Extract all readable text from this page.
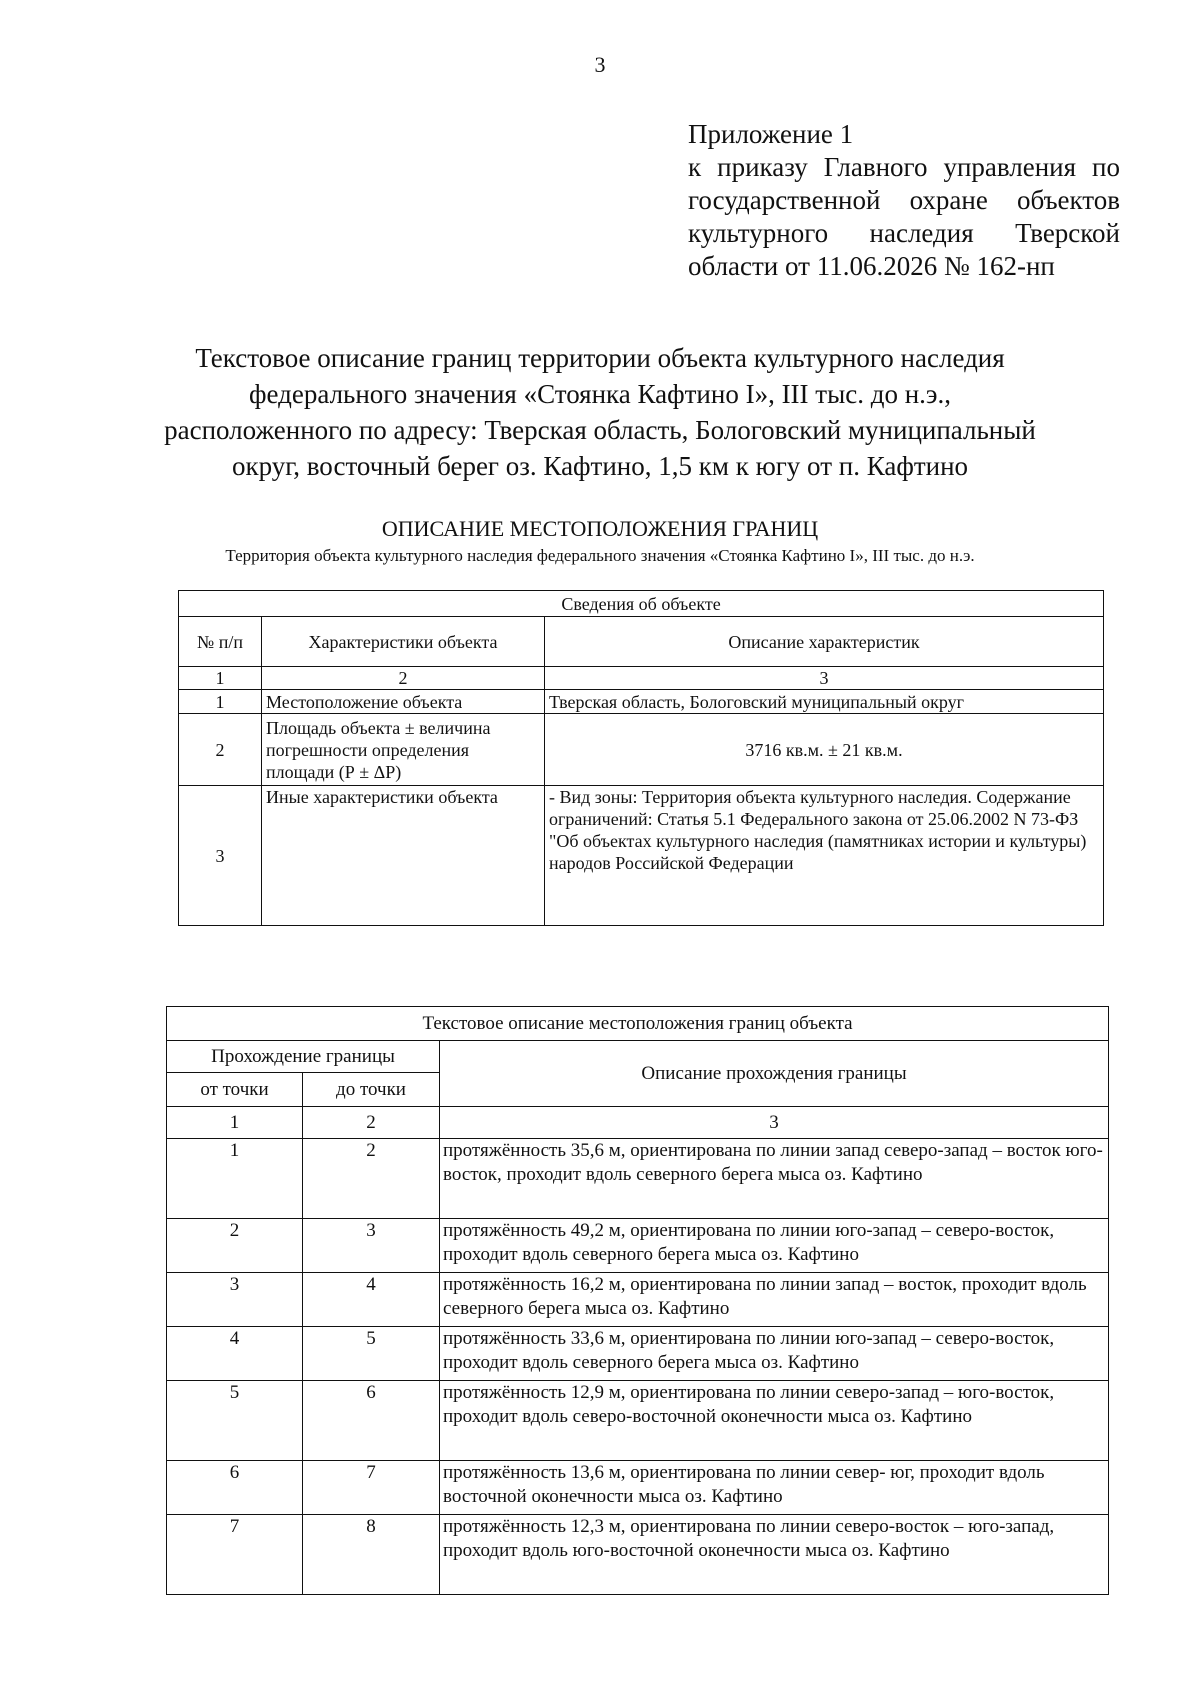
3
Приложение 1
к приказу Главного управления по
государственной охране объектов
культурного наследия Тверской
области от 11.06.2026 № 162-нп
Текстовое описание границ территории объекта культурного наследия
федерального значения «Стоянка Кафтино I», III тыс. до н.э.,
расположенного по адресу: Тверская область, Бологовский муниципальный
округ, восточный берег оз. Кафтино, 1,5 км к югу от п. Кафтино
ОПИСАНИЕ МЕСТОПОЛОЖЕНИЯ ГРАНИЦ
Территория объекта культурного наследия федерального значения «Стоянка Кафтино I», III тыс. до н.э.
Сведения об объекте		
№ п/п	Характеристики объекта	Описание характеристик
1	2	3
1	Местоположение объекта	Тверская область, Бологовский муниципальный округ
2	Площадь объекта ± величина погрешности определения площади (Р ± ΔР)	3716 кв.м. ± 21 кв.м.
3	Иные характеристики объекта	- Вид зоны: Территория объекта культурного наследия. Содержание ограничений: Статья 5.1 Федерального закона от 25.06.2002 N 73-ФЗ "Об объектах культурного наследия (памятниках истории и культуры) народов Российской Федерации
Текстовое описание местоположения границ объекта		
Прохождение границы		Описание прохождения границы
от точки	до точки	
1	2	3
1	2	протяжённость 35,6 м, ориентирована по линии запад северо-запад – восток юго-восток, проходит вдоль северного берега мыса оз. Кафтино
2	3	протяжённость 49,2 м, ориентирована по линии юго-запад – северо-восток, проходит вдоль северного берега мыса оз. Кафтино
3	4	протяжённость 16,2 м, ориентирована по линии запад – восток, проходит вдоль северного берега мыса оз. Кафтино
4	5	протяжённость 33,6 м, ориентирована по линии юго-запад – северо-восток, проходит вдоль северного берега мыса оз. Кафтино
5	6	протяжённость 12,9 м, ориентирована по линии северо-запад – юго-восток, проходит вдоль северо-восточной оконечности мыса оз. Кафтино
6	7	протяжённость 13,6 м, ориентирована по линии север- юг, проходит вдоль восточной оконечности мыса оз. Кафтино
7	8	протяжённость 12,3 м, ориентирована по линии северо-восток – юго-запад, проходит вдоль юго-восточной оконечности мыса оз. Кафтино
